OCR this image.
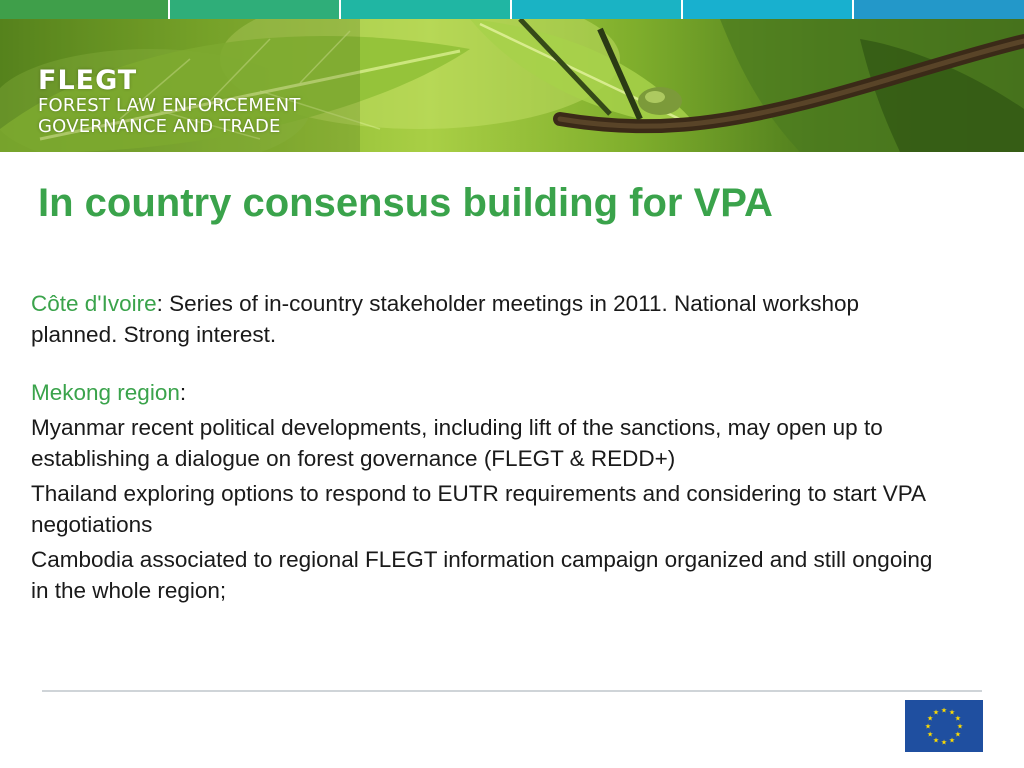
FLEGT
FOREST LAW ENFORCEMENT
GOVERNANCE AND TRADE
In country consensus building for VPA

Côte d'Ivoire: Series of in-country stakeholder meetings in 2011. National workshop planned. Strong interest.

Mekong region:

Myanmar recent political developments, including lift of the sanctions, may open up to establishing a dialogue on forest governance (FLEGT & REDD+)

Thailand exploring options to respond to EUTR requirements and considering to start VPA negotiations

Cambodia associated to regional FLEGT information campaign organized and still ongoing in the whole region;

★ ★
★
★
★
★
★
★
★
★
★
★
